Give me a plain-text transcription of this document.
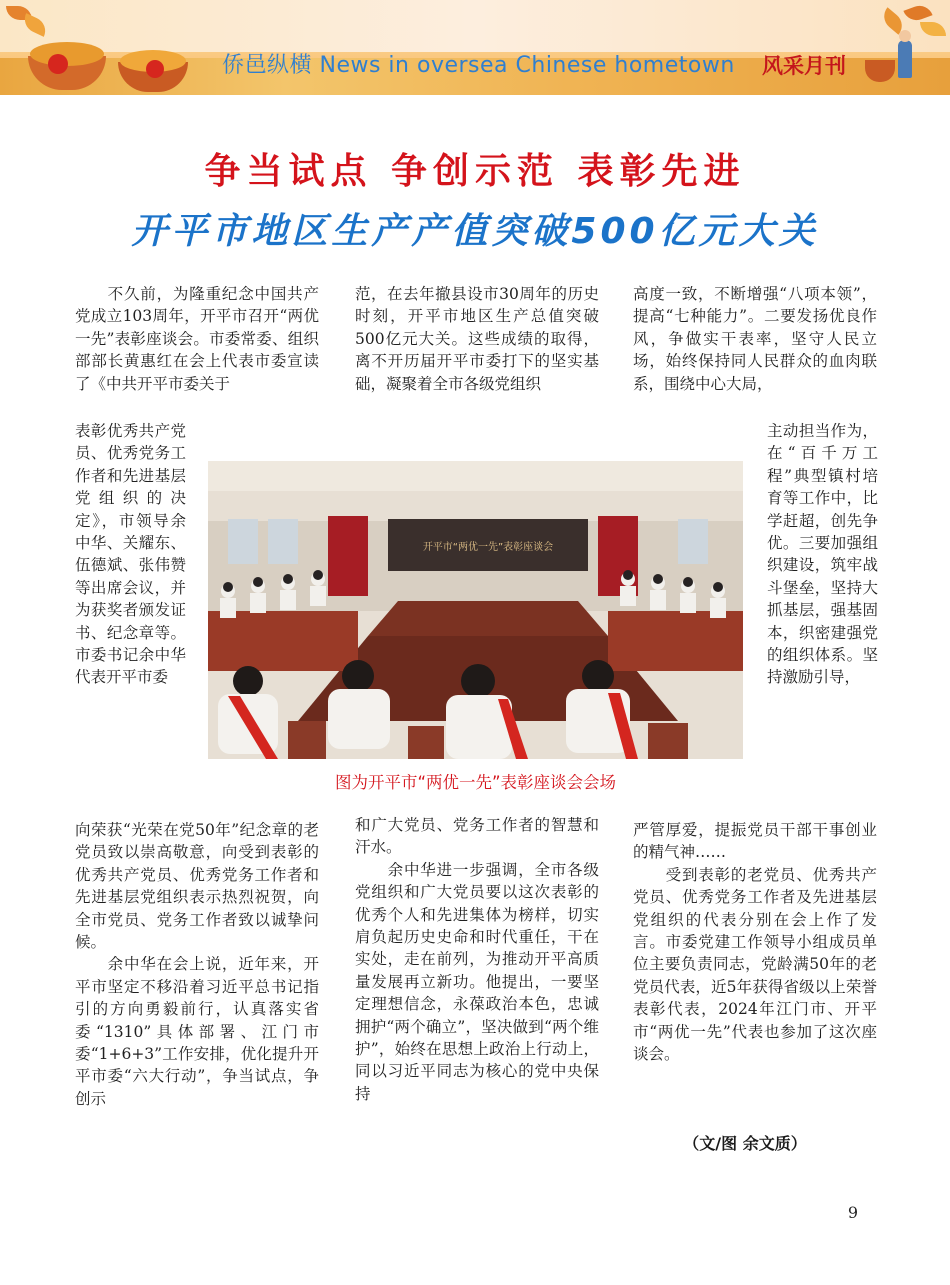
侨邑纵横 News in oversea Chinese hometown 风采月刊
争当试点 争创示范 表彰先进
开平市地区生产产值突破500亿元大关
　　不久前，为隆重纪念中国共产党成立103周年，开平市召开“两优一先”表彰座谈会。市委常委、组织部部长黄惠红在会上代表市委宣读了《中共开平市委关于
表彰优秀共产党员、优秀党务工作者和先进基层党组织的决定》，市领导余中华、关耀东、伍德斌、张伟赞等出席会议，并为获奖者颁发证书、纪念章等。市委书记余中华代表开平市委
向荣获“光荣在党50年”纪念章的老党员致以崇高敬意，向受到表彰的优秀共产党员、优秀党务工作者和先进基层党组织表示热烈祝贺，向全市党员、党务工作者致以诚挚问候。
　　余中华在会上说，近年来，开平市坚定不移沿着习近平总书记指引的方向勇毅前行，认真落实省委“1310”具体部署、江门市委“1+6+3”工作安排，优化提升开平市委“六大行动”，争当试点，争创示
范，在去年撤县设市30周年的历史时刻，开平市地区生产总值突破500亿元大关。这些成绩的取得，离不开历届开平市委打下的坚实基础，凝聚着全市各级党组织
和广大党员、党务工作者的智慧和汗水。
　　余中华进一步强调，全市各级党组织和广大党员要以这次表彰的优秀个人和先进集体为榜样，切实肩负起历史史命和时代重任，干在实处，走在前列，为推动开平高质量发展再立新功。他提出，一要坚定理想信念，永葆政治本色，忠诚拥护“两个确立”，坚决做到“两个维护”，始终在思想上政治上行动上，同以习近平同志为核心的党中央保持
高度一致，不断增强“八项本领”，提高“七种能力”。二要发扬优良作风，争做实干表率，坚守人民立场，始终保持同人民群众的血肉联系，围绕中心大局，
主动担当作为，在“百千万工程”典型镇村培育等工作中，比学赶超，创先争优。三要加强组织建设，筑牢战斗堡垒，坚持大抓基层，强基固本，织密建强党的组织体系。坚持激励引导，
严管厚爱，提振党员干部干事创业的精气神……
　　受到表彰的老党员、优秀共产党员、优秀党务工作者及先进基层党组织的代表分别在会上作了发言。市委党建工作领导小组成员单位主要负责同志，党龄满50年的老党员代表，近5年获得省级以上荣誉表彰代表，2024年江门市、开平市“两优一先”代表也参加了这次座谈会。
开平市“两优一先”表彰座谈会
图为开平市“两优一先”表彰座谈会会场
（文/图 余文质）
9
